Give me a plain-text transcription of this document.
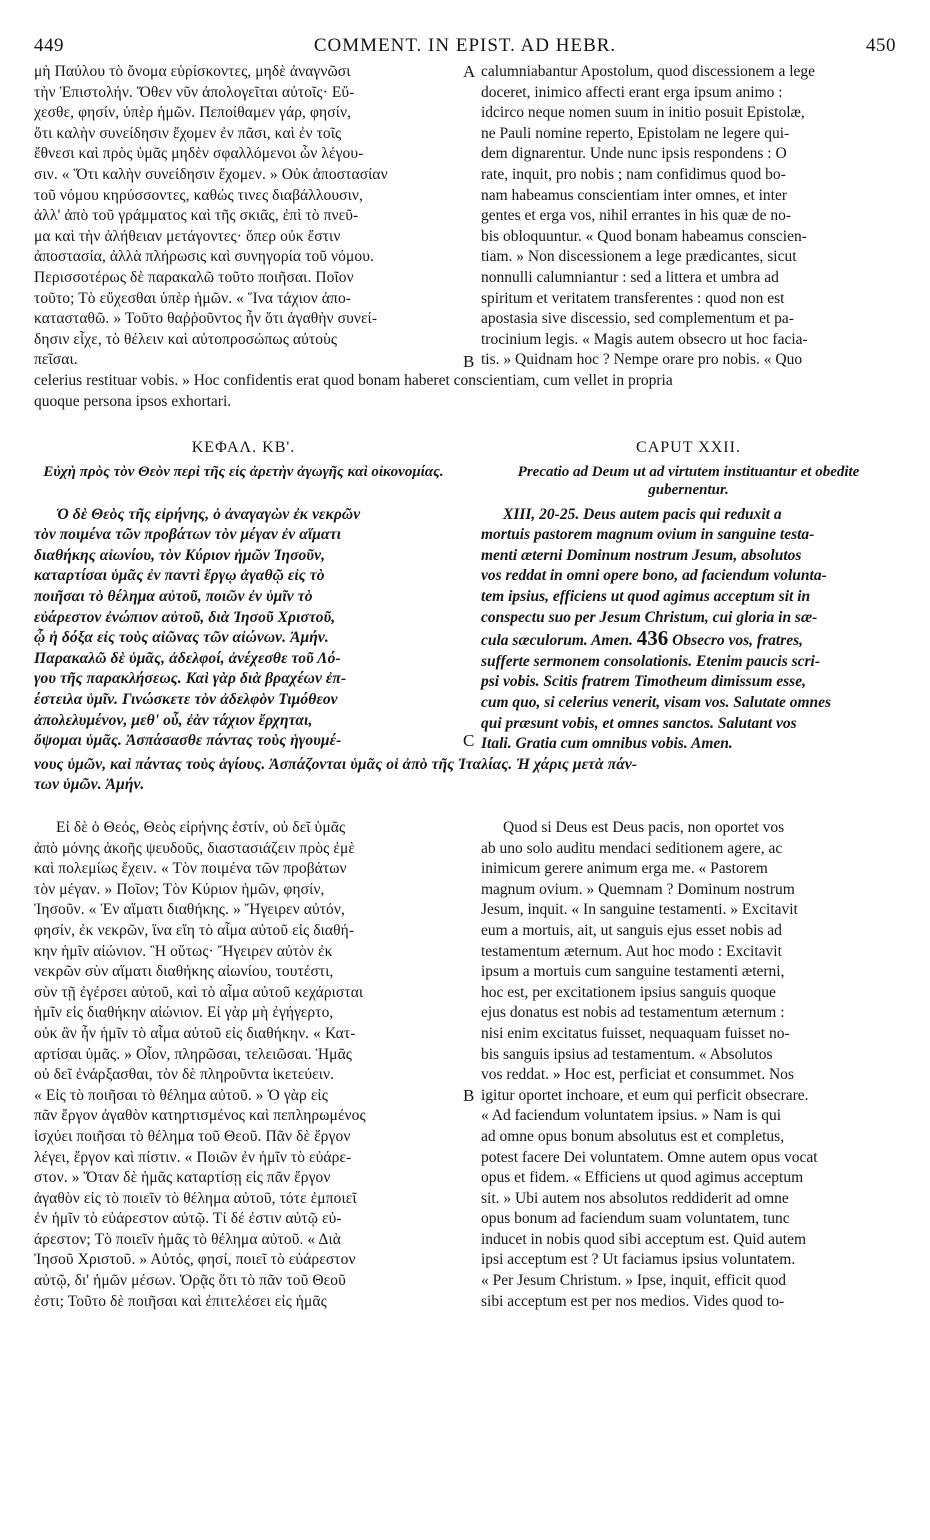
449	COMMENT. IN EPIST. AD HEBR.	450

μὴ Παύλου τὸ ὄνομα εὑρίσκοντες, μηδὲ ἀναγνῶσι

τὴν Ἐπιστολήν. Ὅθεν νῦν ἀπολογεῖται αὐτοῖς· Εὔ-

χεσθε, φησίν, ὑπὲρ ἡμῶν. Πεποίθαμεν γάρ, φησίν,

ὅτι καλὴν συνείδησιν ἔχομεν ἐν πᾶσι, καὶ ἐν τοῖς

ἔθνεσι καὶ πρὸς ὑμᾶς μηδὲν σφαλλόμενοι ὧν λέγου-

σιν. « Ὅτι καλὴν συνείδησιν ἔχομεν. » Οὐκ ἀποστασίαν

τοῦ νόμου κηρύσσοντες, καθώς τινες διαβάλλουσιν,

ἀλλ' ἀπὸ τοῦ γράμματος καὶ τῆς σκιᾶς, ἐπὶ τὸ πνεῦ-

μα καὶ τὴν ἀλήθειαν μετάγοντες· ὅπερ οὐκ ἔστιν

ἀποστασία, ἀλλὰ πλήρωσις καὶ συνηγορία τοῦ νόμου.

Περισσοτέρως δὲ παρακαλῶ τοῦτο ποιῆσαι. Ποῖον

τοῦτο; Τὸ εὔχεσθαι ὑπὲρ ἡμῶν. « Ἵνα τάχιον ἀπο-

κατασταθῶ. » Τοῦτο θαῤῥοῦντος ἦν ὅτι ἀγαθὴν συνεί-

δησιν εἶχε, τὸ θέλειν καὶ αὐτοπροσώπως αὐτοὺς

πεῖσαι.

A
B

calumniabantur Apostolum, quod discessionem a lege

doceret, inimico affecti erant erga ipsum animo :

idcirco neque nomen suum in initio posuit Epistolæ,

ne Pauli nomine reperto, Epistolam ne legere qui-

dem dignarentur. Unde nunc ipsis respondens : O

rate, inquit, pro nobis ; nam confidimus quod bo-

nam habeamus conscientiam inter omnes, et inter

gentes et erga vos, nihil errantes in his quæ de no-

bis obloquuntur. « Quod bonam habeamus conscien-

tiam. » Non discessionem a lege prædicantes, sicut

nonnulli calumniantur : sed a littera et umbra ad

spiritum et veritatem transferentes : quod non est

apostasia sive discessio, sed complementum et pa-

trocinium legis. « Magis autem obsecro ut hoc facia-

tis. » Quidnam hoc ? Nempe orare pro nobis. « Quo

celerius restituar vobis. » Hoc confidentis erat quod bonam haberet conscientiam, cum vellet in propria

quoque persona ipsos exhortari.

ΚΕΦΑΛ. ΚΒ'.
Εὐχὴ πρὸς τὸν Θεὸν περὶ τῆς εἰς ἀρετὴν ἀγωγῆς καὶ οἰκονομίας.
CAPUT XXII.
Precatio ad Deum ut ad virtutem instituantur et obedite gubernentur.

Ὁ δὲ Θεὸς τῆς εἰρήνης, ὁ ἀναγαγὼν ἐκ νεκρῶν

τὸν ποιμένα τῶν προβάτων τὸν μέγαν ἐν αἵματι

διαθήκης αἰωνίου, τὸν Κύριον ἡμῶν Ἰησοῦν,

καταρτίσαι ὑμᾶς ἐν παντὶ ἔργῳ ἀγαθῷ εἰς τὸ

ποιῆσαι τὸ θέλημα αὐτοῦ, ποιῶν ἐν ὑμῖν τὸ

εὐάρεστον ἐνώπιον αὐτοῦ, διὰ Ἰησοῦ Χριστοῦ,

ᾧ ἡ δόξα εἰς τοὺς αἰῶνας τῶν αἰώνων. Ἀμήν.

Παρακαλῶ δὲ ὑμᾶς, ἀδελφοί, ἀνέχεσθε τοῦ Λό-

γου τῆς παρακλήσεως. Καὶ γὰρ διὰ βραχέων ἐπ-

έστειλα ὑμῖν. Γινώσκετε τὸν ἀδελφὸν Τιμόθεον

ἀπολελυμένον, μεθ' οὗ, ἐὰν τάχιον ἔρχηται,

ὄψομαι ὑμᾶς. Ἀσπάσασθε πάντας τοὺς ἡγουμέ-	C

XIII, 20-25. Deus autem pacis qui reduxit a

mortuis pastorem magnum ovium in sanguine testa-

menti æterni Dominum nostrum Jesum, absolutos

vos reddat in omni opere bono, ad faciendum volunta-

tem ipsius, efficiens ut quod agimus acceptum sit in

conspectu suo per Jesum Christum, cui gloria in sæ-

cula sæculorum. Amen. 436 Obsecro vos, fratres,

sufferte sermonem consolationis. Etenim paucis scri-

psi vobis. Scitis fratrem Timotheum dimissum esse,

cum quo, si celerius venerit, visam vos. Salutate omnes

qui præsunt vobis, et omnes sanctos. Salutant vos

Itali. Gratia cum omnibus vobis. Amen.

νους ὑμῶν, καὶ πάντας τοὺς ἁγίους. Ἀσπάζονται ὑμᾶς οἱ ἀπὸ τῆς Ἰταλίας. Ἡ χάρις μετὰ πάν-

των ὑμῶν. Ἀμήν.

Εἰ δὲ ὁ Θεός, Θεὸς εἰρήνης ἐστίν, οὐ δεῖ ὑμᾶς

ἀπὸ μόνης ἀκοῆς ψευδοῦς, διαστασιάζειν πρὸς ἐμὲ

καὶ πολεμίως ἔχειν. « Τὸν ποιμένα τῶν προβάτων

τὸν μέγαν. » Ποῖον; Τὸν Κύριον ἡμῶν, φησίν,

Ἰησοῦν. « Ἐν αἵματι διαθήκης. » Ἤγειρεν αὐτόν,

φησίν, ἐκ νεκρῶν, ἵνα εἴη τὸ αἷμα αὐτοῦ εἰς διαθή-

κην ἡμῖν αἰώνιον. Ἢ οὕτως· Ἤγειρεν αὐτὸν ἐκ

νεκρῶν σὺν αἵματι διαθήκης αἰωνίου, τουτέστι,

σὺν τῇ ἐγέρσει αὐτοῦ, καὶ τὸ αἷμα αὐτοῦ κεχάρισται

ἡμῖν εἰς διαθήκην αἰώνιον. Εἰ γὰρ μὴ ἐγήγερτο,

οὐκ ἂν ἦν ἡμῖν τὸ αἷμα αὐτοῦ εἰς διαθήκην. « Κατ-

αρτίσαι ὑμᾶς. » Οἷον, πληρῶσαι, τελειῶσαι. Ἡμᾶς

οὐ δεῖ ἐνάρξασθαι, τὸν δὲ πληροῦντα ἱκετεύειν.

« Εἰς τὸ ποιῆσαι τὸ θέλημα αὐτοῦ. » Ὁ γὰρ εἰς

πᾶν ἔργον ἀγαθὸν κατηρτισμένος καὶ πεπληρωμένος

ἰσχύει ποιῆσαι τὸ θέλημα τοῦ Θεοῦ. Πᾶν δὲ ἔργον

λέγει, ἔργον καὶ πίστιν. « Ποιῶν ἐν ἡμῖν τὸ εὐάρε-

στον. » Ὅταν δὲ ἡμᾶς καταρτίσῃ εἰς πᾶν ἔργον

ἀγαθὸν εἰς τὸ ποιεῖν τὸ θέλημα αὐτοῦ, τότε ἐμποιεῖ

ἐν ἡμῖν τὸ εὐάρεστον αὐτῷ. Τί δέ ἐστιν αὐτῷ εὐ-

άρεστον; Τὸ ποιεῖν ἡμᾶς τὸ θέλημα αὐτοῦ. « Διὰ

Ἰησοῦ Χριστοῦ. » Αὐτός, φησί, ποιεῖ τὸ εὐάρεστον

αὐτῷ, δι' ἡμῶν μέσων. Ὁρᾷς ὅτι τὸ πᾶν τοῦ Θεοῦ

ἐστι; Τοῦτο δὲ ποιῆσαι καὶ ἐπιτελέσει εἰς ἡμᾶς

B

Quod si Deus est Deus pacis, non oportet vos

ab uno solo auditu mendaci seditionem agere, ac

inimicum gerere animum erga me. « Pastorem

magnum ovium. » Quemnam ? Dominum nostrum

Jesum, inquit. « In sanguine testamenti. » Excitavit

eum a mortuis, ait, ut sanguis ejus esset nobis ad

testamentum æternum. Aut hoc modo : Excitavit

ipsum a mortuis cum sanguine testamenti æterni,

hoc est, per excitationem ipsius sanguis quoque

ejus donatus est nobis ad testamentum æternum :

nisi enim excitatus fuisset, nequaquam fuisset no-

bis sanguis ipsius ad testamentum. « Absolutos

vos reddat. » Hoc est, perficiat et consummet. Nos

igitur oportet inchoare, et eum qui perficit obsecrare.

« Ad faciendum voluntatem ipsius. » Nam is qui

ad omne opus bonum absolutus est et completus,

potest facere Dei voluntatem. Omne autem opus vocat

opus et fidem. « Efficiens ut quod agimus acceptum

sit. » Ubi autem nos absolutos reddiderit ad omne

opus bonum ad faciendum suam voluntatem, tunc

inducet in nobis quod sibi acceptum est. Quid autem

ipsi acceptum est ? Ut faciamus ipsius voluntatem.

« Per Jesum Christum. » Ipse, inquit, efficit quod

sibi acceptum est per nos medios. Vides quod to-
